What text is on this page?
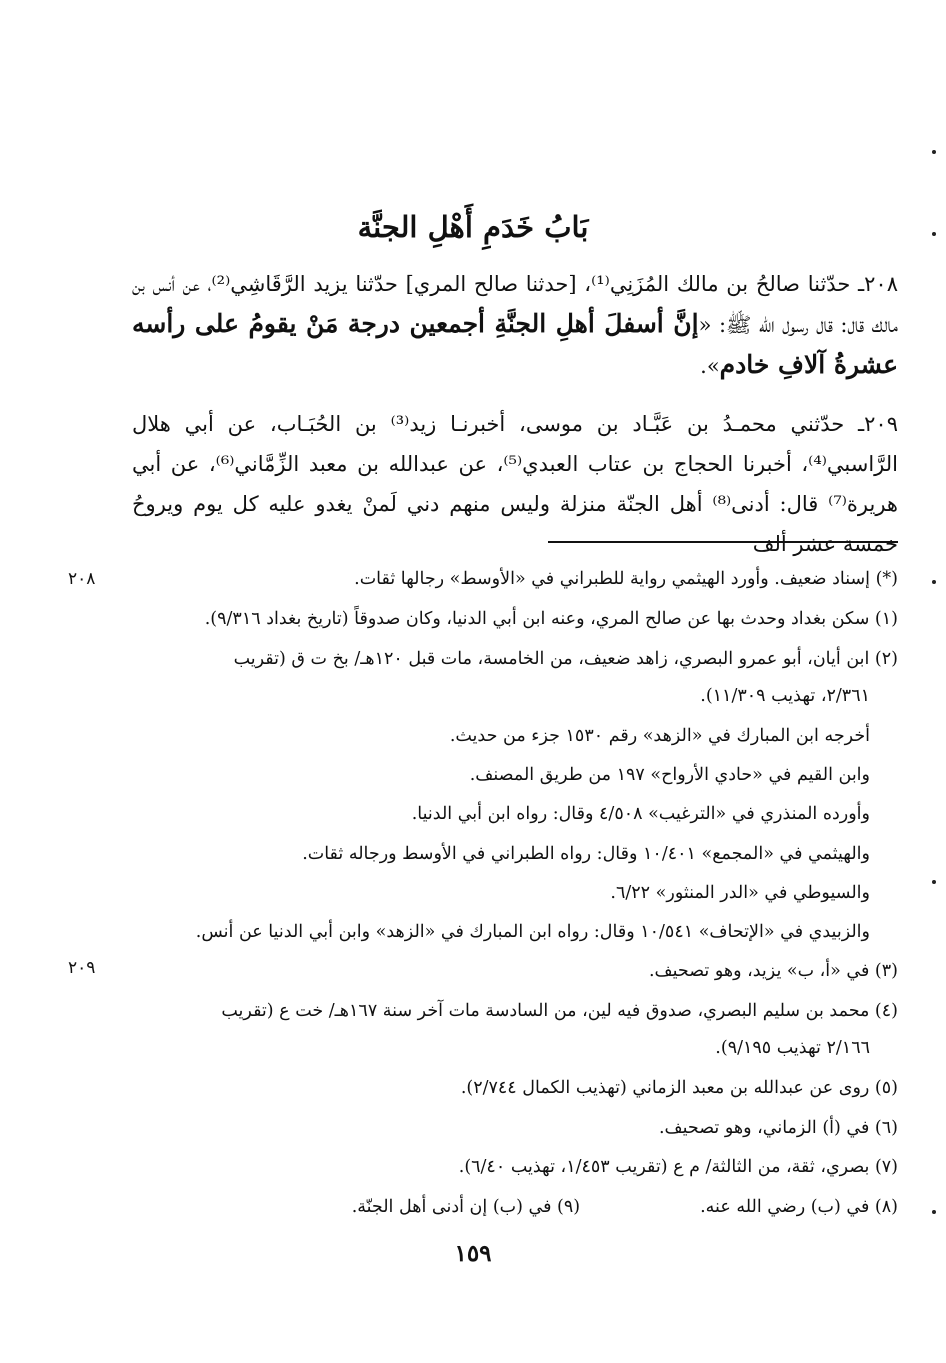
بَابُ خَدَمِ أَهْلِ الجنَّة
٢٠٨ـ حدّثنا صالحُ بن مالك المُزَنِي⁽¹⁾، [حدثنا صالح المري] حدّثنا يزيد الرَّقَاشِي⁽²⁾، عن أنس بن مالك قال: قال رسول الله ﷺ: «إنَّ أسفلَ أهلِ الجنَّةِ أجمعين درجة مَنْ يقومُ على رأسه عشرةُ آلافِ خادم».
٢٠٩ـ حدّثني محمـدُ بن عَبَّـاد بن موسى، أخبرنـا زيد⁽³⁾ بن الحُبَـاب، عن أبي هلال الرَّاسبي⁽⁴⁾، أخبرنا الحجاج بن عتاب العبدي⁽⁵⁾، عن عبدالله بن معبد الزِّمَّاني⁽⁶⁾، عن أبي هريرة⁽⁷⁾ قال: أدنى⁽⁸⁾ أهل الجنّة منزلة وليس منهم دني لَمنْ يغدو عليه كل يوم ويروحُ خمسة عشر ألف
(*) إسناد ضعيف. وأورد الهيثمي رواية للطبراني في «الأوسط» رجالها ثقات.
(١) سكن بغداد وحدث بها عن صالح المري، وعنه ابن أبي الدنيا، وكان صدوقاً (تاريخ بغداد ٩/٣١٦).
(٢) ابن أيان، أبو عمرو البصري، زاهد ضعيف، من الخامسة، مات قبل ١٢٠هـ/ بخ ت ق (تقريب
٢/٣٦١، تهذيب ١١/٣٠٩).
أخرجه ابن المبارك في «الزهد» رقم ١٥٣٠ جزء من حديث.
وابن القيم في «حادي الأرواح» ١٩٧ من طريق المصنف.
وأورده المنذري في «الترغيب» ٤/٥٠٨ وقال: رواه ابن أبي الدنيا.
والهيثمي في «المجمع» ١٠/٤٠١ وقال: رواه الطبراني في الأوسط ورجاله ثقات.
والسيوطي في «الدر المنثور» ٦/٢٢.
والزبيدي في «الإتحاف» ١٠/٥٤١ وقال: رواه ابن المبارك في «الزهد» وابن أبي الدنيا عن أنس.
(٣) في «أ، ب» يزيد، وهو تصحيف.
(٤) محمد بن سليم البصري، صدوق فيه لين، من السادسة مات آخر سنة ١٦٧هـ/ خت ع (تقريب
٢/١٦٦ تهذيب ٩/١٩٥).
(٥) روى عن عبدالله بن معبد الزماني (تهذيب الكمال ٢/٧٤٤).
(٦) في (أ) الزماني، وهو تصحيف.
(٧) بصري، ثقة، من الثالثة/ م ع (تقريب ١/٤٥٣، تهذيب ٦/٤٠).
(٨) في (ب) رضي الله عنه.
(٩) في (ب) إن أدنى أهل الجنّة.
٢٠٨
٢٠٩
١٥٩
